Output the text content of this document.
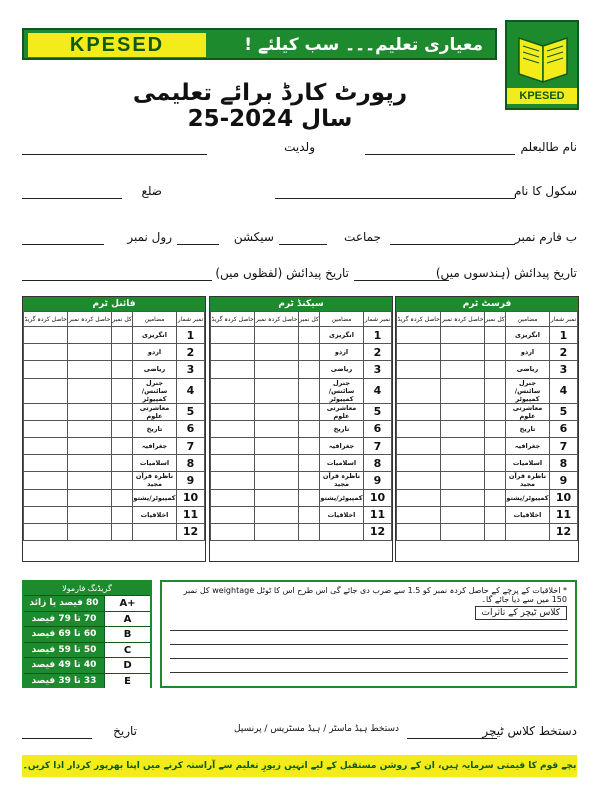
KPESED	معیاری تعلیم۔۔۔ سب کیلئے !
KPESED
رپورٹ کارڈ برائے تعلیمی سال 2024-25
نام طالبعلم
ولدیت
سکول کا نام
ضلع
ب فارم نمبر
جماعت
سیکشن
رول نمبر
تاریخ پیدائش (ہندسوں میں)
تاریخ پیدائش (لفظوں میں)
فائنل ٹرم
نمبر شمار	مضامین	کل نمبر	حاصل کردہ نمبر	حاصل کردہ گریڈ
1	انگریزی			
2	اردو			
3	ریاضی			
4	جنرل سائنس/کمپیوٹر			
5	معاشرتی علوم			
6	تاریخ			
7	جغرافیہ			
8	اسلامیات			
9	ناظرہ قرآن مجید			
10	کمپیوٹر/پشتو			
11	اخلاقیات			
12				
سیکنڈ ٹرم
نمبر شمار	مضامین	کل نمبر	حاصل کردہ نمبر	حاصل کردہ گریڈ
1	انگریزی			
2	اردو			
3	ریاضی			
4	جنرل سائنس/کمپیوٹر			
5	معاشرتی علوم			
6	تاریخ			
7	جغرافیہ			
8	اسلامیات			
9	ناظرہ قرآن مجید			
10	کمپیوٹر/پشتو			
11	اخلاقیات			
12				
فرسٹ ٹرم
نمبر شمار	مضامین	کل نمبر	حاصل کردہ نمبر	حاصل کردہ گریڈ
1	انگریزی			
2	اردو			
3	ریاضی			
4	جنرل سائنس/کمپیوٹر			
5	معاشرتی علوم			
6	تاریخ			
7	جغرافیہ			
8	اسلامیات			
9	ناظرہ قرآن مجید			
10	کمپیوٹر/پشتو			
11	اخلاقیات			
12				
گریڈنگ فارمولا
80 فیصد یا زائد	A+
70 تا 79 فیصد	A
60 تا 69 فیصد	B
50 تا 59 فیصد	C
40 تا 49 فیصد	D
33 تا 39 فیصد	E
* اخلاقیات کے پرچے کے حاصل کردہ نمبر کو 1.5 سے ضرب دی جائے گی اس طرح اس کا ٹوٹل weightage کل نمبر 150 میں سے دیا جائے گا۔
کلاس ٹیچر کے تاثرات
دستخط کلاس ٹیچر
دستخط ہیڈ ماسٹر / ہیڈ مسٹریس / پرنسپل
تاریخ
بچے قوم کا قیمتی سرمایہ ہیں، ان کے روشن مستقبل کے لیے انہیں زیورِ تعلیم سے آراستہ کرنے میں اپنا بھرپور کردار ادا کریں۔
